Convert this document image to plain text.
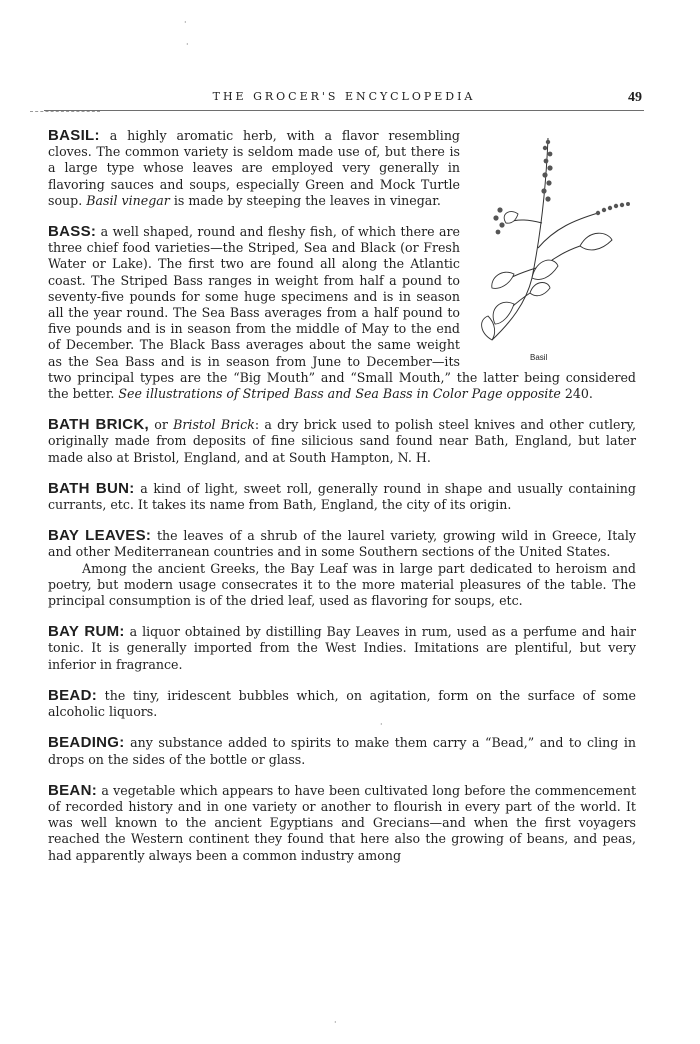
THE GROCER'S ENCYCLOPEDIA	49
Basil
BASIL: a highly aromatic herb, with a flavor resembling cloves. The common variety is seldom made use of, but there is a large type whose leaves are employed very generally in flavoring sauces and soups, especially Green and Mock Turtle soup. Basil vinegar is made by steeping the leaves in vinegar.
BASS: a well shaped, round and fleshy fish, of which there are three chief food varieties—the Striped, Sea and Black (or Fresh Water or Lake). The first two are found all along the Atlantic coast. The Striped Bass ranges in weight from half a pound to seventy-five pounds for some huge specimens and is in season all the year round. The Sea Bass averages from a half pound to five pounds and is in season from the middle of May to the end of December. The Black Bass averages about the same weight as the Sea Bass and is in season from June to December—its two principal types are the “Big Mouth” and “Small Mouth,” the latter being considered the better. See illustrations of Striped Bass and Sea Bass in Color Page opposite 240.
BATH BRICK, or Bristol Brick: a dry brick used to polish steel knives and other cutlery, originally made from deposits of fine silicious sand found near Bath, England, but later made also at Bristol, England, and at South Hampton, N. H.
BATH BUN: a kind of light, sweet roll, generally round in shape and usually containing currants, etc. It takes its name from Bath, England, the city of its origin.
BAY LEAVES: the leaves of a shrub of the laurel variety, growing wild in Greece, Italy and other Mediterranean countries and in some Southern sections of the United States.

Among the ancient Greeks, the Bay Leaf was in large part dedicated to heroism and poetry, but modern usage consecrates it to the more material pleasures of the table. The principal consumption is of the dried leaf, used as flavoring for soups, etc.

BAY RUM: a liquor obtained by distilling Bay Leaves in rum, used as a perfume and hair tonic. It is generally imported from the West Indies. Imitations are plentiful, but very inferior in fragrance.
BEAD: the tiny, iridescent bubbles which, on agitation, form on the surface of some alcoholic liquors.
BEADING: any substance added to spirits to make them carry a “Bead,” and to cling in drops on the sides of the bottle or glass.
BEAN: a vegetable which appears to have been cultivated long before the commencement of recorded history and in one variety or another to flourish in every part of the world. It was well known to the ancient Egyptians and Grecians—and when the first voyagers reached the Western continent they found that here also the growing of beans, and peas, had apparently always been a common industry among
·
·
·
·
